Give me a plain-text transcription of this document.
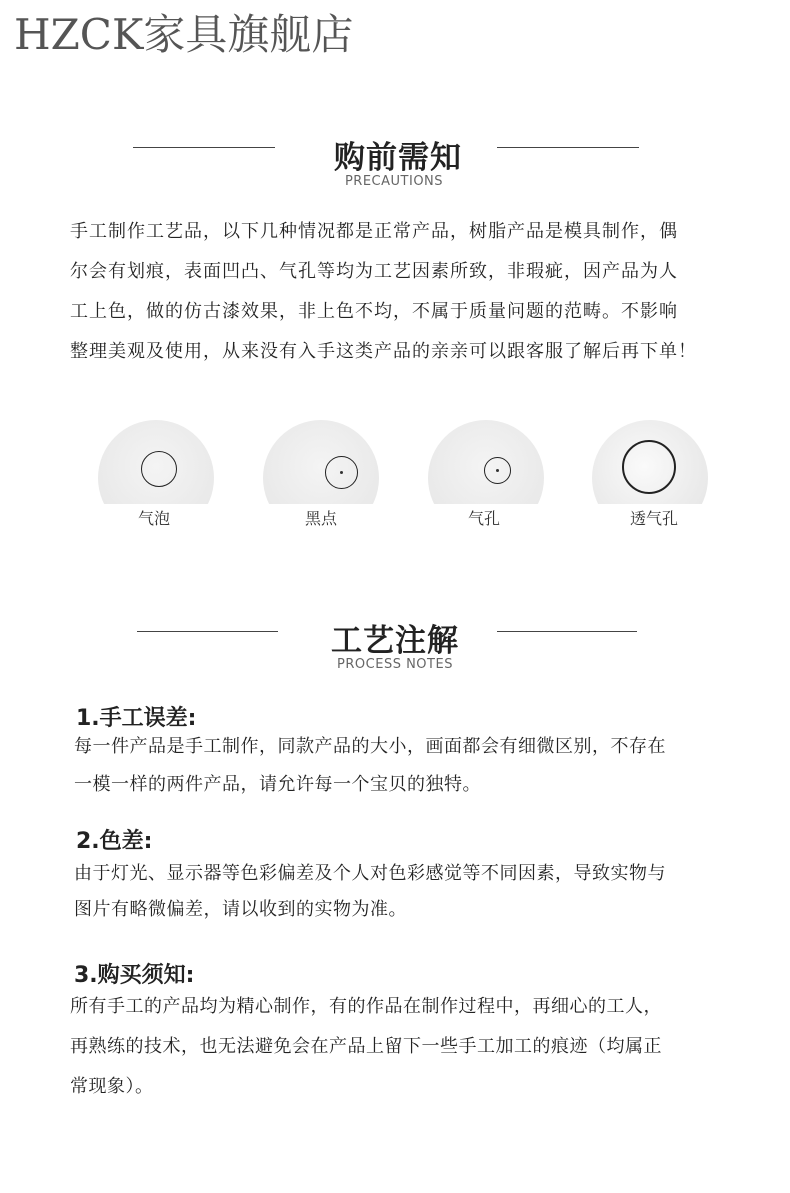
HZCK家具旗舰店
购前需知
PRECAUTIONS
手工制作工艺品，以下几种情况都是正常产品，树脂产品是模具制作，偶
尔会有划痕，表面凹凸、气孔等均为工艺因素所致，非瑕疵，因产品为人
工上色，做的仿古漆效果，非上色不均，不属于质量问题的范畴。不影响
整理美观及使用，从来没有入手这类产品的亲亲可以跟客服了解后再下单！
气泡	黑点	气孔	透气孔
工艺注解
PROCESS NOTES
1.手工误差:
每一件产品是手工制作，同款产品的大小，画面都会有细微区别，不存在
一模一样的两件产品，请允许每一个宝贝的独特。
2.色差:
由于灯光、显示器等色彩偏差及个人对色彩感觉等不同因素，导致实物与
图片有略微偏差，请以收到的实物为准。
3.购买须知:
所有手工的产品均为精心制作，有的作品在制作过程中，再细心的工人，
再熟练的技术，也无法避免会在产品上留下一些手工加工的痕迹（均属正
常现象）。
